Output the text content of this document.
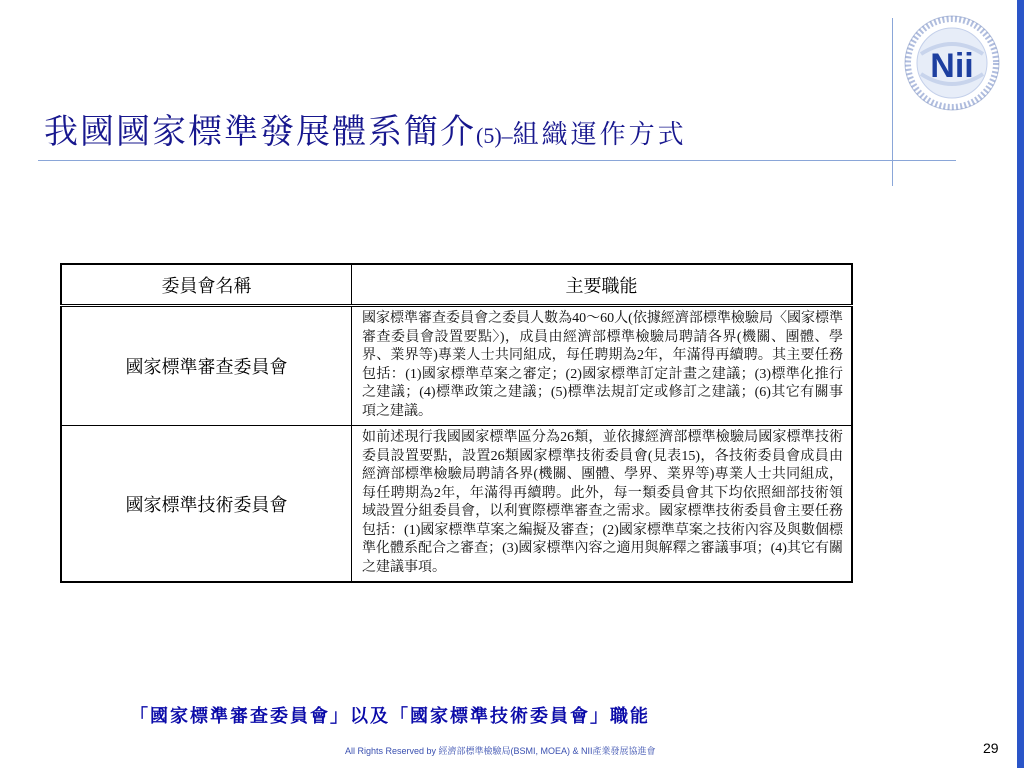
Nii
我國國家標準發展體系簡介(5)–組織運作方式
委員會名稱	主要職能
國家標準審查委員會	國家標準審查委員會之委員人數為40～60人(依據經濟部標準檢驗局〈國家標準審查委員會設置要點〉)，成員由經濟部標準檢驗局聘請各界(機關、團體、學界、業界等)專業人士共同組成，每任聘期為2年，年滿得再續聘。其主要任務包括：(1)國家標準草案之審定；(2)國家標準訂定計畫之建議；(3)標準化推行之建議；(4)標準政策之建議；(5)標準法規訂定或修訂之建議；(6)其它有關事項之建議。
國家標準技術委員會	如前述現行我國國家標準區分為26類，並依據經濟部標準檢驗局國家標準技術委員設置要點，設置26類國家標準技術委員會(見表15)，各技術委員會成員由經濟部標準檢驗局聘請各界(機關、團體、學界、業界等)專業人士共同組成，每任聘期為2年，年滿得再續聘。此外，每一類委員會其下均依照細部技術領域設置分組委員會，以利實際標準審查之需求。國家標準技術委員會主要任務包括：(1)國家標準草案之編擬及審查；(2)國家標準草案之技術內容及與數個標準化體系配合之審查；(3)國家標準內容之適用與解釋之審議事項；(4)其它有關之建議事項。
「國家標準審查委員會」以及「國家標準技術委員會」職能
All Rights Reserved by 經濟部標準檢驗局(BSMI, MOEA) & NII產業發展協進會	29
